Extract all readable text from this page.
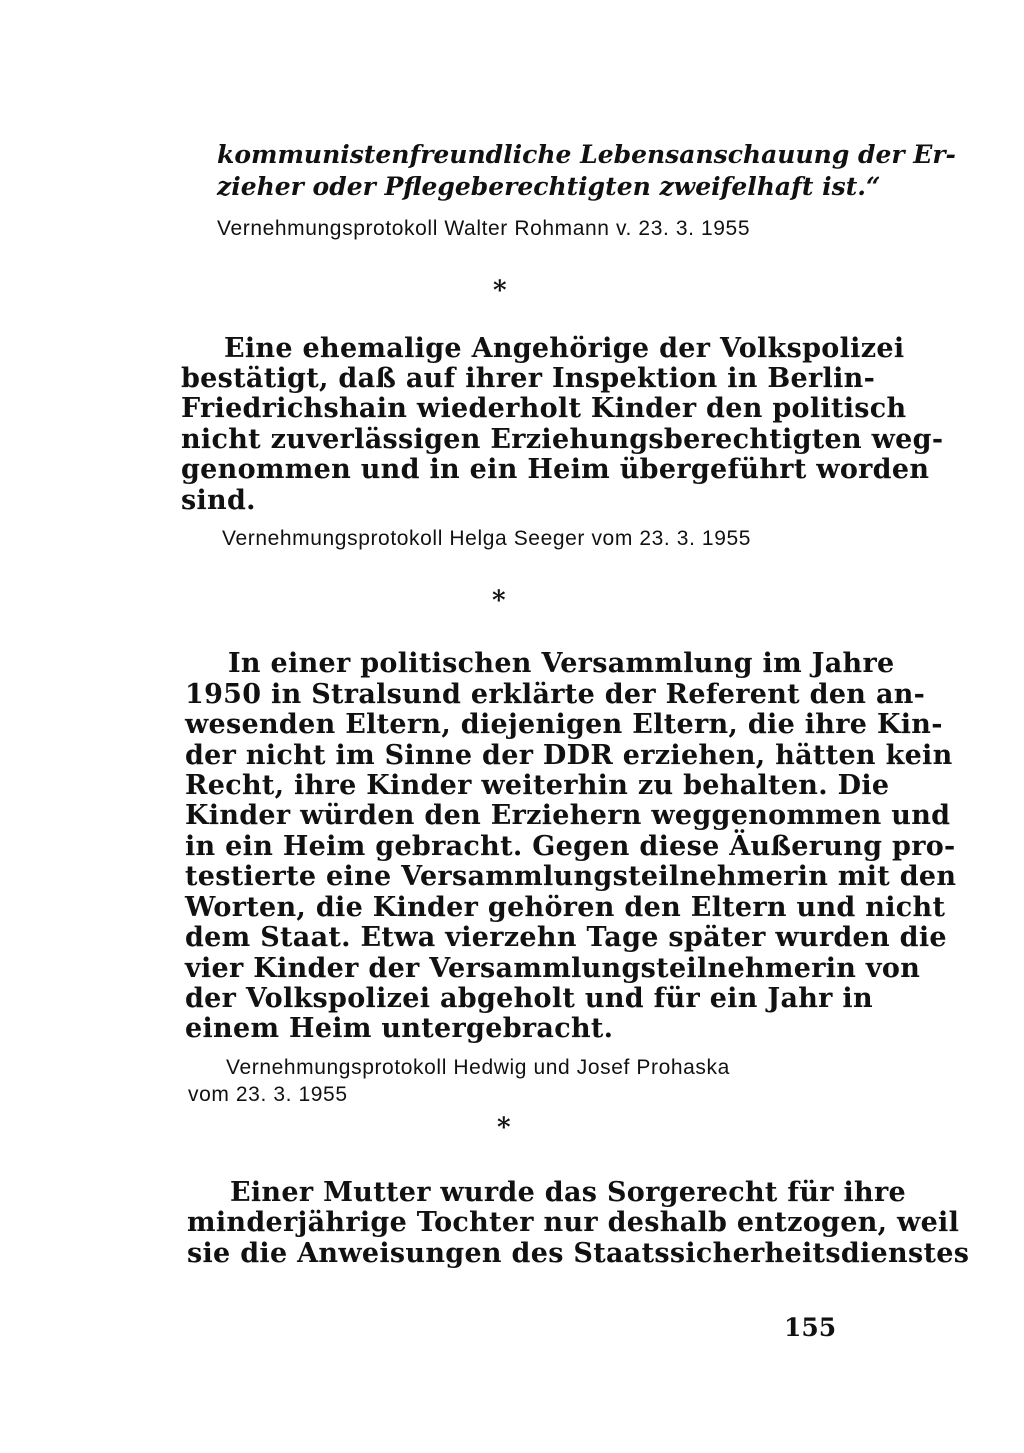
kommunistenfreundliche Lebensanschauung der Er-
zieher oder Pflegeberechtigten zweifelhaft ist.“
Vernehmungsprotokoll Walter Rohmann v. 23. 3. 1955
*
Eine ehemalige Angehörige der Volkspolizei
bestätigt, daß auf ihrer Inspektion in Berlin-
Friedrichshain wiederholt Kinder den politisch
nicht zuverlässigen Erziehungsberechtigten weg-
genommen und in ein Heim übergeführt worden
sind.
Vernehmungsprotokoll Helga Seeger vom 23. 3. 1955
*
In einer politischen Versammlung im Jahre
1950 in Stralsund erklärte der Referent den an-
wesenden Eltern, diejenigen Eltern, die ihre Kin-
der nicht im Sinne der DDR erziehen, hätten kein
Recht, ihre Kinder weiterhin zu behalten. Die
Kinder würden den Erziehern weggenommen und
in ein Heim gebracht. Gegen diese Äußerung pro-
testierte eine Versammlungsteilnehmerin mit den
Worten, die Kinder gehören den Eltern und nicht
dem Staat. Etwa vierzehn Tage später wurden die
vier Kinder der Versammlungsteilnehmerin von
der Volkspolizei abgeholt und für ein Jahr in
einem Heim untergebracht.
Vernehmungsprotokoll Hedwig und Josef Prohaska
vom 23. 3. 1955
*
Einer Mutter wurde das Sorgerecht für ihre
minderjährige Tochter nur deshalb entzogen, weil
sie die Anweisungen des Staatssicherheitsdienstes
155
